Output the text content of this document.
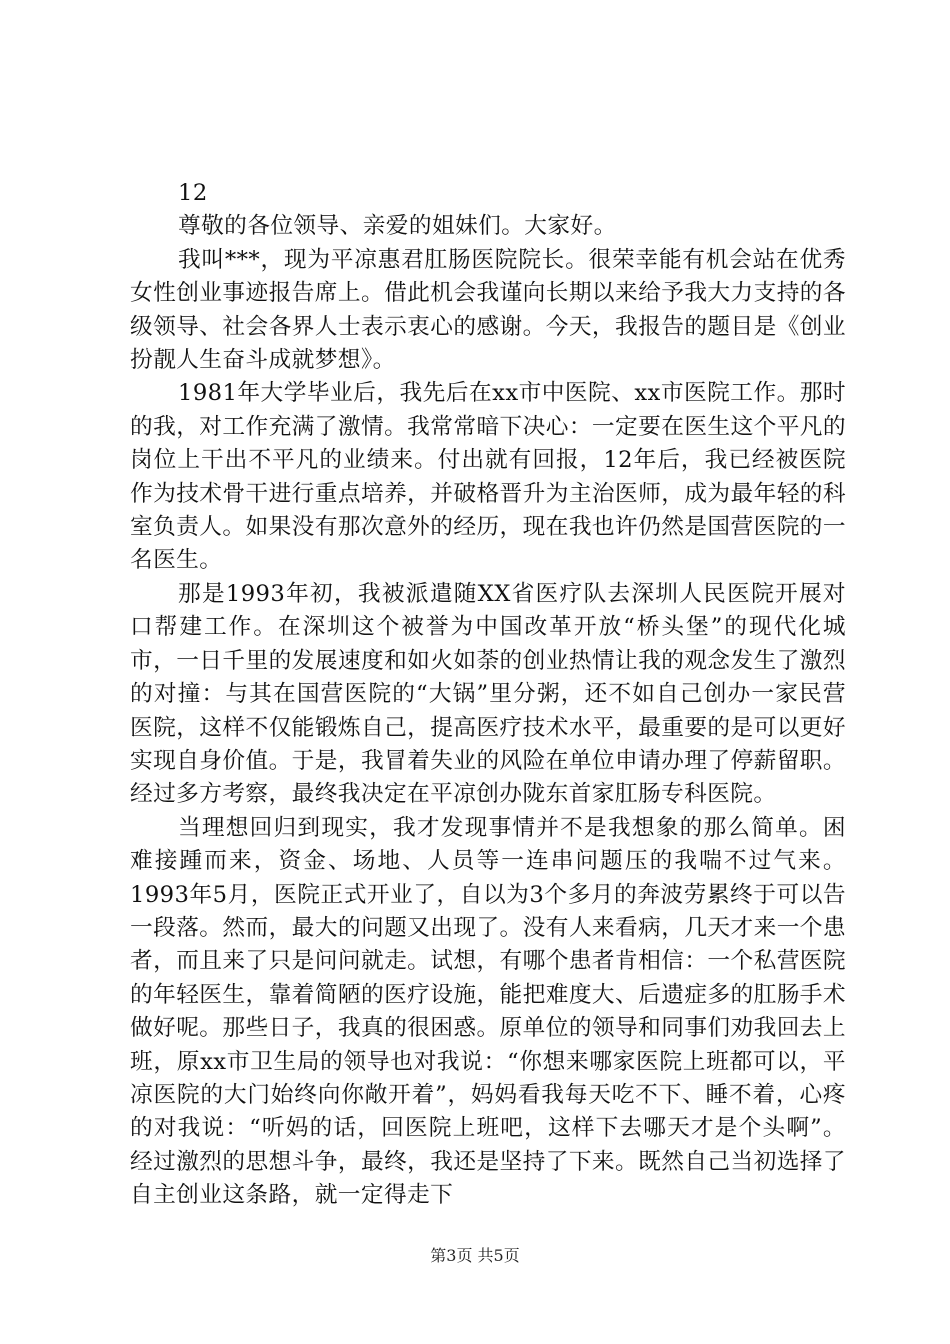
12

尊敬的各位领导、亲爱的姐妹们。大家好。

我叫***，现为平凉惠君肛肠医院院长。很荣幸能有机会站在优秀女性创业事迹报告席上。借此机会我谨向长期以来给予我大力支持的各级领导、社会各界人士表示衷心的感谢。今天，我报告的题目是《创业扮靓人生奋斗成就梦想》。

1981年大学毕业后，我先后在xx市中医院、xx市医院工作。那时的我，对工作充满了激情。我常常暗下决心：一定要在医生这个平凡的岗位上干出不平凡的业绩来。付出就有回报，12年后，我已经被医院作为技术骨干进行重点培养，并破格晋升为主治医师，成为最年轻的科室负责人。如果没有那次意外的经历，现在我也许仍然是国营医院的一名医生。

那是1993年初，我被派遣随XX省医疗队去深圳人民医院开展对口帮建工作。在深圳这个被誉为中国改革开放“桥头堡”的现代化城市，一日千里的发展速度和如火如荼的创业热情让我的观念发生了激烈的对撞：与其在国营医院的“大锅”里分粥，还不如自己创办一家民营医院，这样不仅能锻炼自己，提高医疗技术水平，最重要的是可以更好实现自身价值。于是，我冒着失业的风险在单位申请办理了停薪留职。经过多方考察，最终我决定在平凉创办陇东首家肛肠专科医院。

当理想回归到现实，我才发现事情并不是我想象的那么简单。困难接踵而来，资金、场地、人员等一连串问题压的我喘不过气来。1993年5月，医院正式开业了，自以为3个多月的奔波劳累终于可以告一段落。然而，最大的问题又出现了。没有人来看病，几天才来一个患者，而且来了只是问问就走。试想，有哪个患者肯相信：一个私营医院的年轻医生，靠着简陋的医疗设施，能把难度大、后遗症多的肛肠手术做好呢。那些日子，我真的很困惑。原单位的领导和同事们劝我回去上班，原xx市卫生局的领导也对我说：“你想来哪家医院上班都可以，平凉医院的大门始终向你敞开着”，妈妈看我每天吃不下、睡不着，心疼的对我说：“听妈的话，回医院上班吧，这样下去哪天才是个头啊”。经过激烈的思想斗争，最终，我还是坚持了下来。既然自己当初选择了自主创业这条路，就一定得走下

第3页 共5页
